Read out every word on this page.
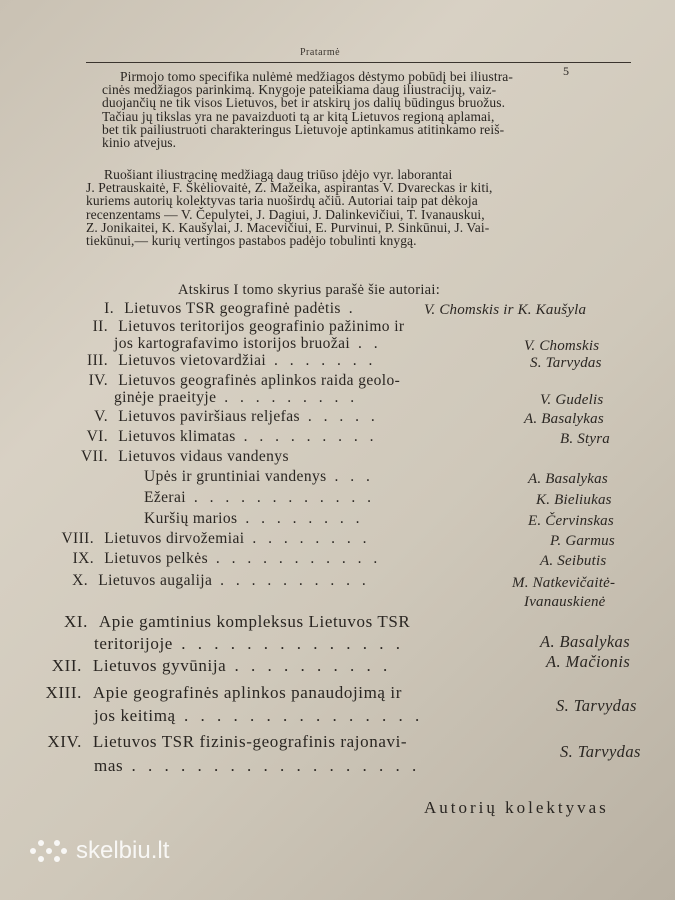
Pratarmė
5
Pirmojo tomo specifika nulėmė medžiagos dėstymo pobūdį bei iliustra-
cinės medžiagos parinkimą. Knygoje pateikiama daug iliustracijų, vaiz-
duojančių ne tik visos Lietuvos, bet ir atskirų jos dalių būdingus bruožus.
Tačiau jų tikslas yra ne pavaizduoti tą ar kitą Lietuvos regioną aplamai,
bet tik pailiustruoti charakteringus Lietuvoje aptinkamus atitinkamo reiš-
kinio atvejus.
Ruošiant iliustracinę medžiagą daug triūso įdėjo vyr. laborantai
J. Petrauskaitė, F. Škėliovaitė, Z. Mažeika, aspirantas V. Dvareckas ir kiti,
kuriems autorių kolektyvas taria nuoširdų ačiū. Autoriai taip pat dėkoja
recenzentams — V. Čepulytei, J. Dagiui, J. Dalinkevičiui, T. Ivanauskui,
Z. Jonikaitei, K. Kaušylai, J. Macevičiui, E. Purvinui, P. Sinkūnui, J. Vai-
tiekūnui,— kurių vertingos pastabos padėjo tobulinti knygą.
Atskirus I tomo skyrius parašė šie autoriai:
I. Lietuvos TSR geografinė padėtis .	V. Chomskis ir K. Kaušyla
II. Lietuvos teritorijos geografinio pažinimo ir
jos kartografavimo istorijos bruožai . .	V. Chomskis
III. Lietuvos vietovardžiai . . . . . . .	S. Tarvydas
IV. Lietuvos geografinės aplinkos raida geolo-
ginėje praeityje . . . . . . . . .	V. Gudelis
V. Lietuvos paviršiaus reljefas . . . . .	A. Basalykas
VI. Lietuvos klimatas . . . . . . . . .	B. Styra
VII. Lietuvos vidaus vandenys
Upės ir gruntiniai vandenys . . .	A. Basalykas
Ežerai . . . . . . . . . . . .	K. Bieliukas
Kuršių marios . . . . . . . .	E. Červinskas
VIII. Lietuvos dirvožemiai . . . . . . . .	P. Garmus
IX. Lietuvos pelkės . . . . . . . . . . .	A. Seibutis
X. Lietuvos augalija . . . . . . . . . .	M. Natkevičaitė-
Ivanauskienė
XI. Apie gamtinius kompleksus Lietuvos TSR
teritorijoje . . . . . . . . . . . . . .	A. Basalykas
XII. Lietuvos gyvūnija . . . . . . . . . .	A. Mačionis
XIII. Apie geografinės aplinkos panaudojimą ir
jos keitimą . . . . . . . . . . . . . . .
S. Tarvydas
XIV. Lietuvos TSR fizinis-geografinis rajonavi-
mas . . . . . . . . . . . . . . . . . .
S. Tarvydas
Autorių kolektyvas
skelbiu.lt
